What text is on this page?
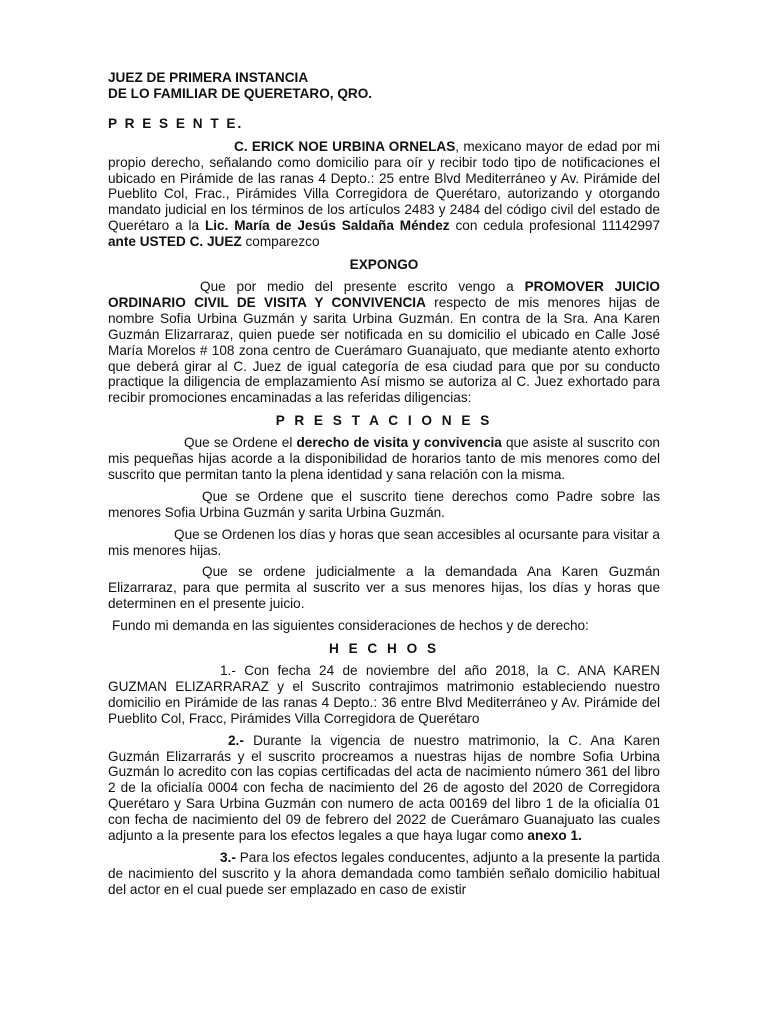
JUEZ DE PRIMERA INSTANCIA

DE LO FAMILIAR DE QUERETARO, QRO.

P R E S E N T E.

C. ERICK NOE URBINA ORNELAS, mexicano mayor de edad por mi propio derecho, señalando como domicilio para oír y recibir todo tipo de notificaciones el ubicado en Pirámide de las ranas 4 Depto.: 25 entre Blvd Mediterráneo y Av. Pirámide del Pueblito Col, Frac., Pirámides Villa Corregidora de Querétaro, autorizando y otorgando mandato judicial en los términos de los artículos 2483 y 2484 del código civil del estado de Querétaro a la Lic. María de Jesús Saldaña Méndez con cedula profesional 11142997 ante USTED C. JUEZ comparezco

EXPONGO

Que por medio del presente escrito vengo a PROMOVER JUICIO ORDINARIO CIVIL DE VISITA Y CONVIVENCIA respecto de mis menores hijas de nombre Sofia Urbina Guzmán y sarita Urbina Guzmán. En contra de la Sra. Ana Karen Guzmán Elizarraraz, quien puede ser notificada en su domicilio el ubicado en Calle José María Morelos # 108 zona centro de Cuerámaro Guanajuato, que mediante atento exhorto que deberá girar al C. Juez de igual categoría de esa ciudad para que por su conducto practique la diligencia de emplazamiento Así mismo se autoriza al C. Juez exhortado para recibir promociones encaminadas a las referidas diligencias:

P R E S T A C I O N E S

Que se Ordene el derecho de visita y convivencia que asiste al suscrito con mis pequeñas hijas acorde a la disponibilidad de horarios tanto de mis menores como del suscrito que permitan tanto la plena identidad y sana relación con la misma.

Que se Ordene que el suscrito tiene derechos como Padre sobre las menores Sofia Urbina Guzmán y sarita Urbina Guzmán.

Que se Ordenen los días y horas que sean accesibles al ocursante para visitar a mis menores hijas.

Que se ordene judicialmente a la demandada Ana Karen Guzmán Elizarraraz, para que permita al suscrito ver a sus menores hijas, los días y horas que determinen en el presente juicio.

Fundo mi demanda en las siguientes consideraciones de hechos y de derecho:

H E C H O S

1.- Con fecha 24 de noviembre del año 2018, la C. ANA KAREN GUZMAN ELIZARRARAZ y el Suscrito contrajimos matrimonio estableciendo nuestro domicilio en Pirámide de las ranas 4 Depto.: 36 entre Blvd Mediterráneo y Av. Pirámide del Pueblito Col, Fracc, Pirámides Villa Corregidora de Querétaro

2.- Durante la vigencia de nuestro matrimonio, la C. Ana Karen Guzmán Elizarrarás y el suscrito procreamos a nuestras hijas de nombre Sofia Urbina Guzmán lo acredito con las copias certificadas del acta de nacimiento número 361 del libro 2 de la oficialía 0004 con fecha de nacimiento del 26 de agosto del 2020 de Corregidora Querétaro y Sara Urbina Guzmán con numero de acta 00169 del libro 1 de la oficialía 01 con fecha de nacimiento del 09 de febrero del 2022 de Cuerámaro Guanajuato las cuales adjunto a la presente para los efectos legales a que haya lugar como anexo 1.

3.- Para los efectos legales conducentes, adjunto a la presente la partida de nacimiento del suscrito y la ahora demandada como también señalo domicilio habitual del actor en el cual puede ser emplazado en caso de existir
